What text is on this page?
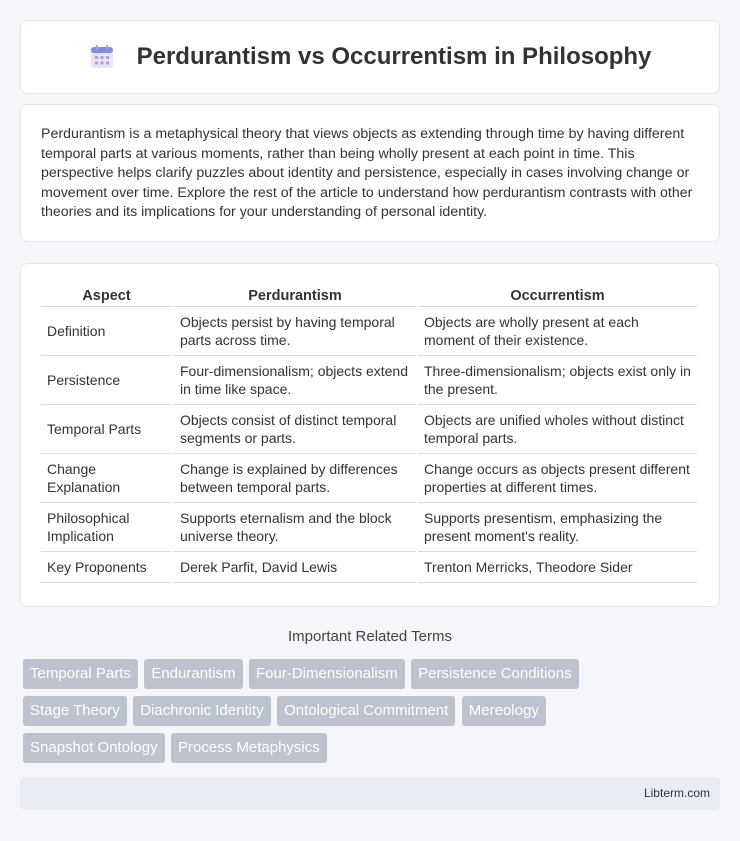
Perdurantism vs Occurrentism in Philosophy

Perdurantism is a metaphysical theory that views objects as extending through time by having different temporal parts at various moments, rather than being wholly present at each point in time. This perspective helps clarify puzzles about identity and persistence, especially in cases involving change or movement over time. Explore the rest of the article to understand how perdurantism contrasts with other theories and its implications for your understanding of personal identity.

Aspect	Perdurantism	Occurrentism
Definition	Objects persist by having temporal parts across time.	Objects are wholly present at each moment of their existence.
Persistence	Four-dimensionalism; objects extend in time like space.	Three-dimensionalism; objects exist only in the present.
Temporal Parts	Objects consist of distinct temporal segments or parts.	Objects are unified wholes without distinct temporal parts.
Change Explanation	Change is explained by differences between temporal parts.	Change occurs as objects present different properties at different times.
Philosophical Implication	Supports eternalism and the block universe theory.	Supports presentism, emphasizing the present moment's reality.
Key Proponents	Derek Parfit, David Lewis	Trenton Merricks, Theodore Sider
Important Related Terms
Temporal Parts Endurantism Four-Dimensionalism Persistence Conditions
Stage Theory Diachronic Identity Ontological Commitment Mereology
Snapshot Ontology Process Metaphysics
Libterm.com
